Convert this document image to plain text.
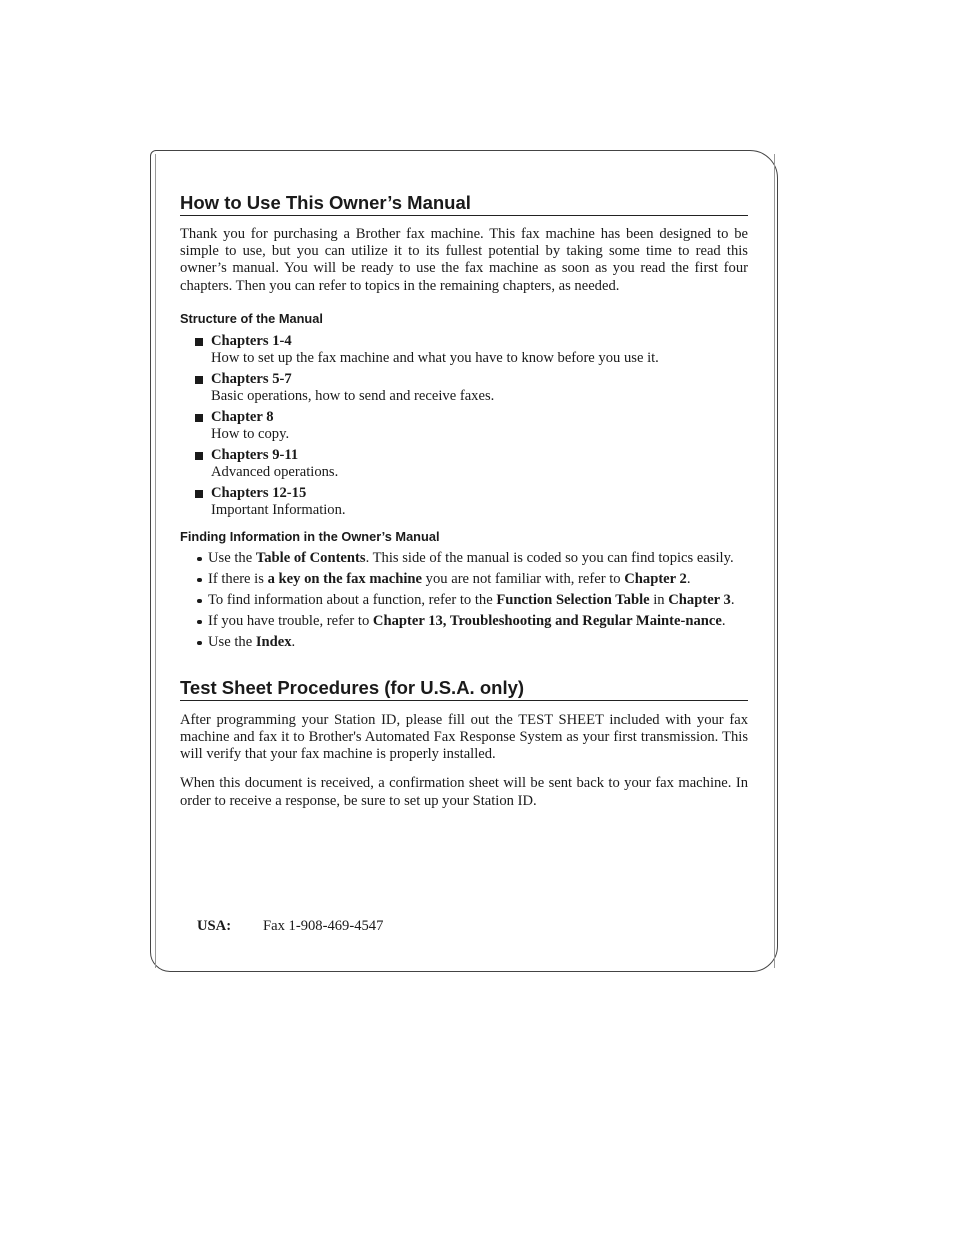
How to Use This Owner’s Manual

Thank you for purchasing a Brother fax machine. This fax machine has been designed to be simple to use, but you can utilize it to its fullest potential by taking some time to read this owner’s manual. You will be ready to use the fax machine as soon as you read the first four chapters. Then you can refer to topics in the remaining chapters, as needed.

Structure of the Manual
Chapters 1-4
How to set up the fax machine and what you have to know before you use it.
Chapters 5-7
Basic operations, how to send and receive faxes.
Chapter 8
How to copy.
Chapters 9-11
Advanced operations.
Chapters 12-15
Important Information.
Finding Information in the Owner’s Manual
Use the Table of Contents. This side of the manual is coded so you can find topics easily.
If there is a key on the fax machine you are not familiar with, refer to Chapter 2.
To find information about a function, refer to the Function Selection Table in Chapter 3.
If you have trouble, refer to Chapter 13, Troubleshooting and Regular Mainte-nance.
Use the Index.
Test Sheet Procedures (for U.S.A. only)

After programming your Station ID, please fill out the TEST SHEET included with your fax machine and fax it to Brother's Automated Fax Response System as your first transmission. This will verify that your fax machine is properly installed.

When this document is received, a confirmation sheet will be sent back to your fax machine. In order to receive a response, be sure to set up your Station ID.

USA: Fax 1-908-469-4547
